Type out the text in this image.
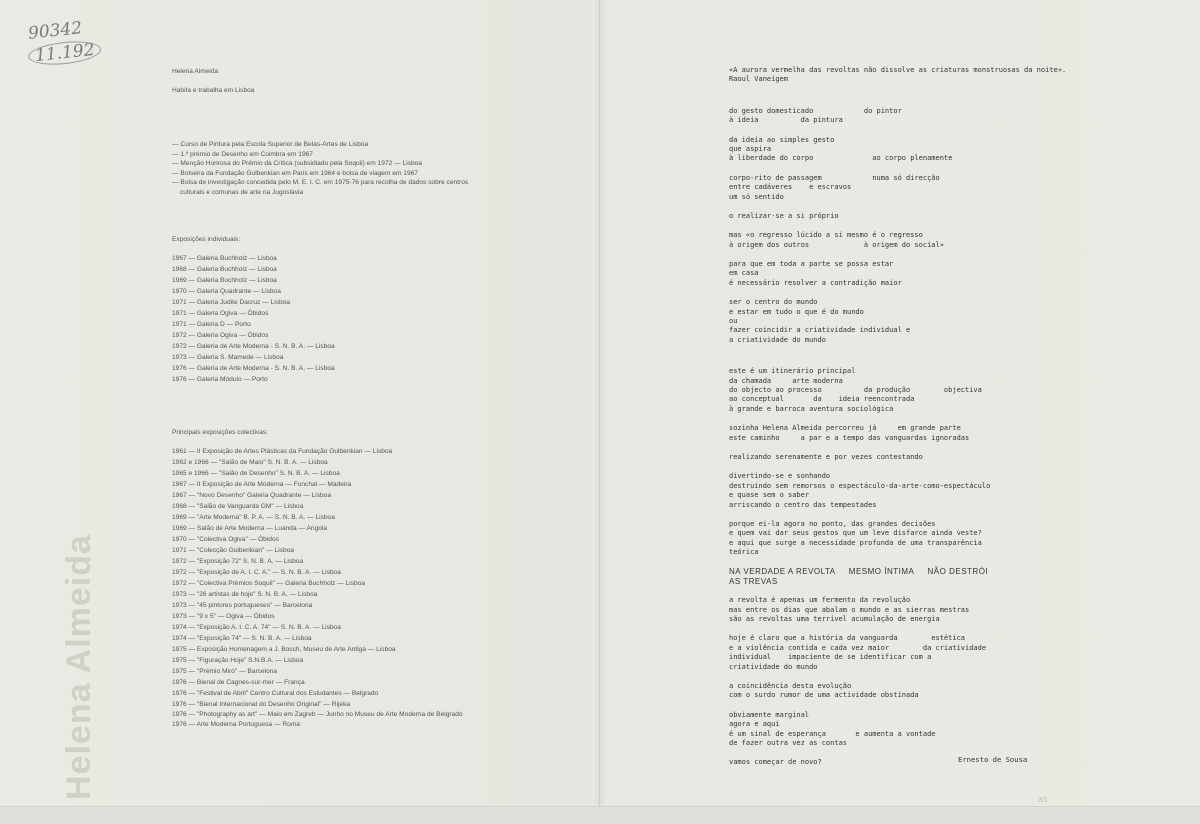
90342
11.192
Helena Almeida
Helena Almeida
Habita e trabalha em Lisboa
— Curso de Pintura pela Escola Superior de Belas-Artes de Lisboa
— 1.º prémio de Desenho em Coimbra em 1967
— Menção Honrosa do Prémio da Crítica (subsidiado pela Soquil) em 1972 — Lisboa
— Bolseira da Fundação Gulbenkian em Paris em 1964 e bolsa de viagem em 1967
— Bolsa de investigação concedida pelo M. E. I. C. em 1975-76 para recolha de dados sobre centros culturais e comunas de arte na Jugoslávia
Exposições individuais:
1967 — Galeria Buchholz — Lisboa
1968 — Galeria Buchholz — Lisboa
1969 — Galeria Buchholz — Lisboa
1970 — Galeria Quadrante — Lisboa
1971 — Galeria Judite Dacruz — Lisboa
1971 — Galeria Ogiva — Óbidos
1971 — Galeria D — Porto
1972 — Galeria Ogiva — Óbidos
1972 — Galeria de Arte Moderna - S. N. B. A. — Lisboa
1973 — Galeria S. Mamede — Lisboa
1976 — Galeria de Arte Moderna - S. N. B. A. — Lisboa
1976 — Galeria Módulo — Porto
Principais exposições colectivas:
1961 — II Exposição de Artes Plásticas da Fundação Gulbenkian — Lisboa
1962 e 1966 — "Salão de Maio" S. N. B. A. — Lisboa
1965 e 1966 — "Salão de Desenho" S. N. B. A. — Lisboa
1967 — II Exposição de Arte Moderna — Funchal — Madeira
1967 — "Novo Desenho" Galeria Quadrante — Lisboa
1968 — "Salão de Vanguarda GM" — Lisboa
1969 — "Arte Moderna" B. P. A. — S. N. B. A. — Lisboa
1969 — Salão de Arte Moderna — Luanda — Angola
1970 — "Colectiva Ogiva" — Óbidos
1971 — "Colecção Gulbenkian" — Lisboa
1972 — "Exposição 72" S. N. B. A. — Lisboa
1972 — "Exposição de A. I. C. A." — S. N. B. A. — Lisboa
1972 — "Colectiva Prémios Soquil" — Galeria Buchholz — Lisboa
1973 — "26 artistas de hoje" S. N. B. A. — Lisboa
1973 — "45 pintores portugueses" — Barcelona
1973 — "9 x 5" — Ogiva — Óbidos
1974 — "Exposição A. I. C. A. 74" — S. N. B. A. — Lisboa
1974 — "Exposição 74" — S. N. B. A. — Lisboa
1975 — Exposição Homenagem a J. Bosch, Museu de Arte Antiga — Lisboa
1975 — "Figuração Hoje" S.N.B.A. — Lisboa
1975 — "Prémio Miró" — Barcelona
1976 — Bienal de Cagnes-sur-mer — França
1976 — "Festival de Abril" Centro Cultural dos Estudantes — Belgrado
1976 — "Bienal Internacional do Desenho Original" — Rijeka
1976 — "Photography as art" — Maio em Zagreb — Junho no Museu de Arte Moderna de Belgrado
1976 — Arte Moderna Portuguesa — Roma
«A aurora vermelha das revoltas não dissolve as criaturas monstruosas da noite».
Raoul Vaneigem
do gesto domesticado            do pintor
à ideia          da pintura
da ideia ao simples gesto
que aspira
à liberdade do corpo              ao corpo plenamente
corpo-rito de passagem            numa só direcção
entre cadáveres    e escravos
um só sentido
o realizar-se a si próprio
mas «o regresso lúcido a si mesmo é o regresso
à origem dos outros             à origem do social»
para que em toda a parte se possa estar
em casa
é necessário resolver a contradição maior
ser o centro do mundo
e estar em tudo o que é do mundo
ou
fazer coincidir a criatividade individual e
a criatividade do mundo
este é um itinerário principal
da chamada     arte moderna
do objecto ao processo          da produção        objectiva
ao conceptual       da    ideia reencontrada
à grande e barroca aventura sociológica
sozinha Helena Almeida percorreu já     em grande parte
este caminho     a par e a tempo das vanguardas ignoradas
realizando serenamente e por vezes contestando
divertindo-se e sonhando
destruindo sem remorsos o espectáculo-da-arte-como-espectáculo
e quase sem o saber
arriscando o centro das tempestades
porque ei-la agora no ponto, das grandes decisões
e quem vai dar seus gestos que um leve disfarce ainda veste?
e aqui que surge a necessidade profunda de uma transparência
teórica
NA VERDADE A REVOLTA     MESMO ÍNTIMA     NÃO DESTRÓI
AS TREVAS
a revolta é apenas um fermento da revolução
mas entre os dias que abalam o mundo e as sierras mestras
são as revoltas uma terrível acumulação de energia
hoje é claro que a história da vanguarda        estética
e a violência contida e cada vez maior        da criatividade
individual    impaciente de se identificar com a
criatividade do mundo
a coincidência desta evolução
com o surdo rumor de uma actividade obstinada
obviamente marginal
agora e aqui
é um sinal de esperança       e aumenta a vontade
de fazer outra vez as contas
vamos começar de novo?	Ernesto de Sousa
3/1
